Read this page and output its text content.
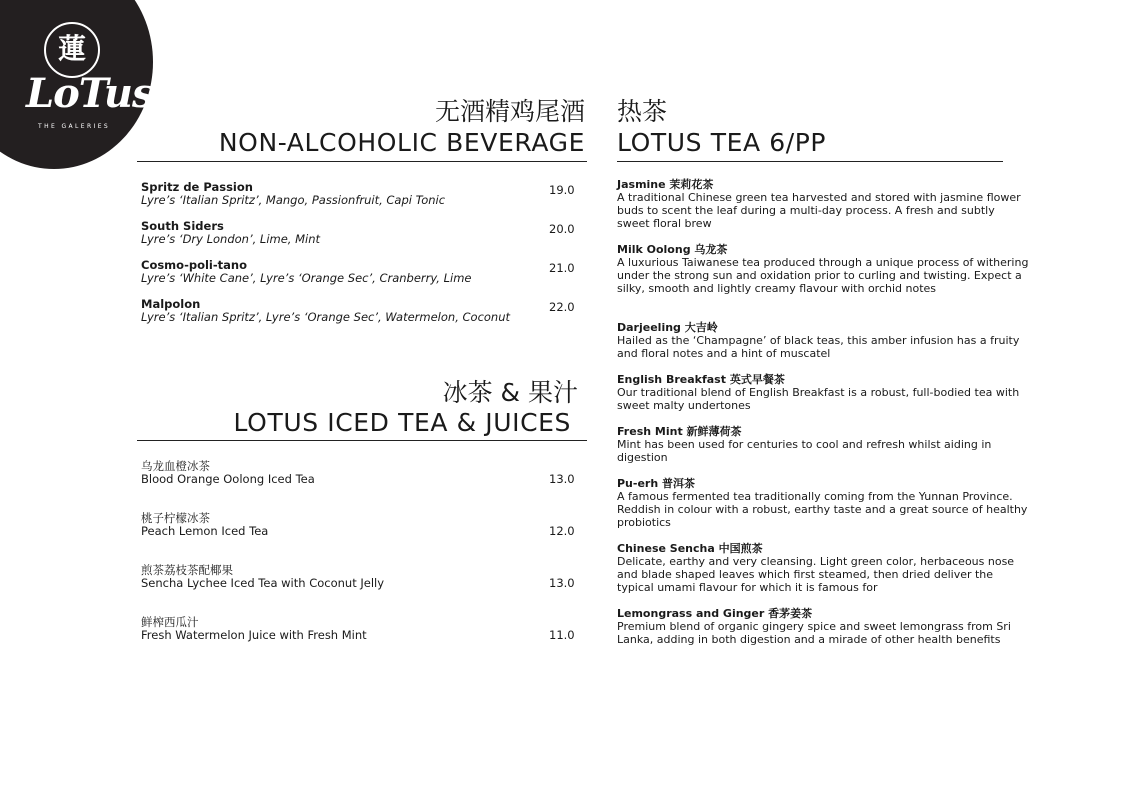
蓮
LoTus
THE GALERIES
无酒精鸡尾酒
NON-ALCOHOLIC BEVERAGE
Spritz de Passion
Lyre’s ‘Italian Spritz’, Mango, Passionfruit, Capi Tonic
19.0
South Siders
Lyre’s ‘Dry London’, Lime, Mint
20.0
Cosmo-poli-tano
Lyre’s ‘White Cane’, Lyre’s ‘Orange Sec’, Cranberry, Lime
21.0
Malpolon
Lyre’s ‘Italian Spritz’, Lyre’s ‘Orange Sec’, Watermelon, Coconut
22.0
冰茶 & 果汁
LOTUS ICED TEA & JUICES
乌龙血橙冰茶
Blood Orange Oolong Iced Tea	13.0
桃子柠檬冰茶
Peach Lemon Iced Tea	12.0
煎茶荔枝茶配椰果
Sencha Lychee Iced Tea with Coconut Jelly	13.0
鲜榨西瓜汁
Fresh Watermelon Juice with Fresh Mint	11.0
热茶
LOTUS TEA 6/PP
Jasmine 茉莉花茶
A traditional Chinese green tea harvested and stored with jasmine flower buds to scent the leaf during a multi-day process. A fresh and subtly sweet floral brew
Milk Oolong 乌龙茶
A luxurious Taiwanese tea produced through a unique process of withering under the strong sun and oxidation prior to curling and twisting. Expect a silky, smooth and lightly creamy flavour with orchid notes
Darjeeling 大吉岭
Hailed as the ‘Champagne’ of black teas, this amber infusion has a fruity and floral notes and a hint of muscatel
English Breakfast 英式早餐茶
Our traditional blend of English Breakfast is a robust, full-bodied tea with sweet malty undertones
Fresh Mint 新鲜薄荷茶
Mint has been used for centuries to cool and refresh whilst aiding in digestion
Pu-erh 普洱茶
A famous fermented tea traditionally coming from the Yunnan Province. Reddish in colour with a robust, earthy taste and a great source of healthy probiotics
Chinese Sencha 中国煎茶
Delicate, earthy and very cleansing. Light green color, herbaceous nose and blade shaped leaves which first steamed, then dried deliver the typical umami flavour for which it is famous for
Lemongrass and Ginger 香茅姜茶
Premium blend of organic gingery spice and sweet lemongrass from Sri Lanka, adding in both digestion and a mirade of other health benefits
